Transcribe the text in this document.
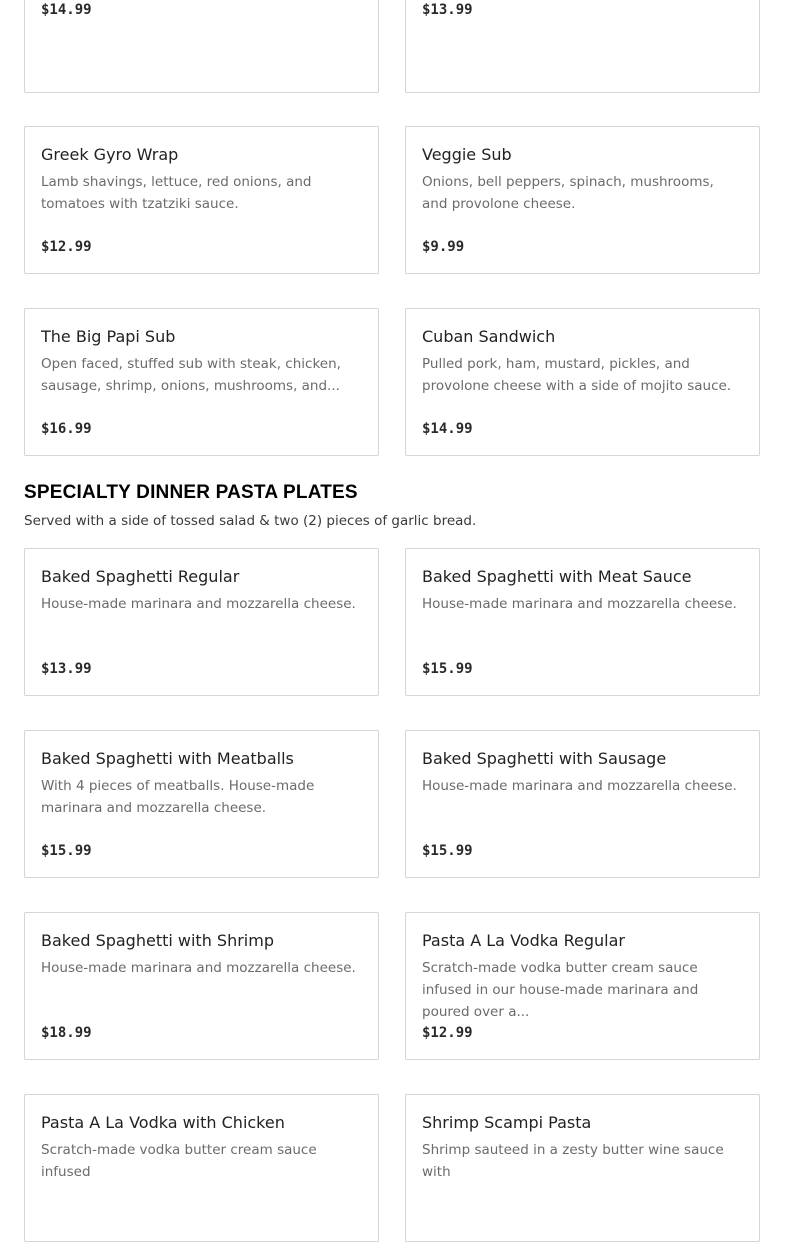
$14.99	$13.99
Greek Gyro Wrap
Lamb shavings, lettuce, red onions, and tomatoes with tzatziki sauce.
$12.99
Veggie Sub
Onions, bell peppers, spinach, mushrooms, and provolone cheese.
$9.99
The Big Papi Sub
Open faced, stuffed sub with steak, chicken, sausage, shrimp, onions, mushrooms, and...
$16.99
Cuban Sandwich
Pulled pork, ham, mustard, pickles, and provolone cheese with a side of mojito sauce.
$14.99
SPECIALTY DINNER PASTA PLATES
Served with a side of tossed salad & two (2) pieces of garlic bread.
Baked Spaghetti Regular
House-made marinara and mozzarella cheese.
$13.99
Baked Spaghetti with Meat Sauce
House-made marinara and mozzarella cheese.
$15.99
Baked Spaghetti with Meatballs
With 4 pieces of meatballs. House-made marinara and mozzarella cheese.
$15.99
Baked Spaghetti with Sausage
House-made marinara and mozzarella cheese.
$15.99
Baked Spaghetti with Shrimp
House-made marinara and mozzarella cheese.
$18.99
Pasta A La Vodka Regular
Scratch-made vodka butter cream sauce infused in our house-made marinara and poured over a...
$12.99
Pasta A La Vodka with Chicken
Scratch-made vodka butter cream sauce infused
Shrimp Scampi Pasta
Shrimp sauteed in a zesty butter wine sauce with
